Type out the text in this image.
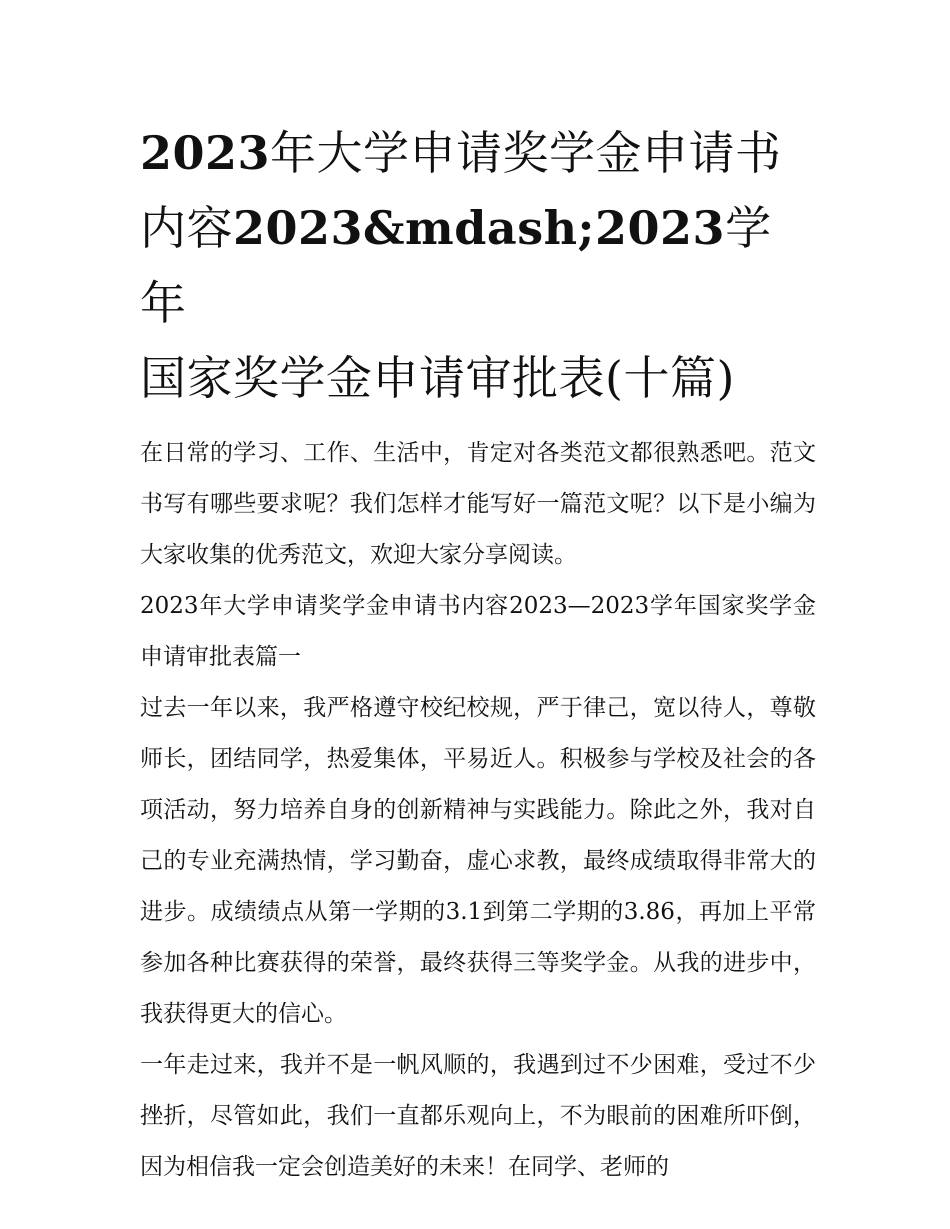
2023年大学申请奖学金申请书
内容2023&mdash;2023学年
国家奖学金申请审批表(十篇)

在日常的学习、工作、生活中，肯定对各类范文都很熟悉吧。范文书写有哪些要求呢？我们怎样才能写好一篇范文呢？以下是小编为大家收集的优秀范文，欢迎大家分享阅读。

2023年大学申请奖学金申请书内容2023—2023学年国家奖学金申请审批表篇一

过去一年以来，我严格遵守校纪校规，严于律己，宽以待人，尊敬师长，团结同学，热爱集体，平易近人。积极参与学校及社会的各项活动，努力培养自身的创新精神与实践能力。除此之外，我对自己的专业充满热情，学习勤奋，虚心求教，最终成绩取得非常大的进步。成绩绩点从第一学期的3.1到第二学期的3.86，再加上平常参加各种比赛获得的荣誉，最终获得三等奖学金。从我的进步中，我获得更大的信心。

一年走过来，我并不是一帆风顺的，我遇到过不少困难，受过不少挫折，尽管如此，我们一直都乐观向上，不为眼前的困难所吓倒，因为相信我一定会创造美好的未来！在同学、老师的
